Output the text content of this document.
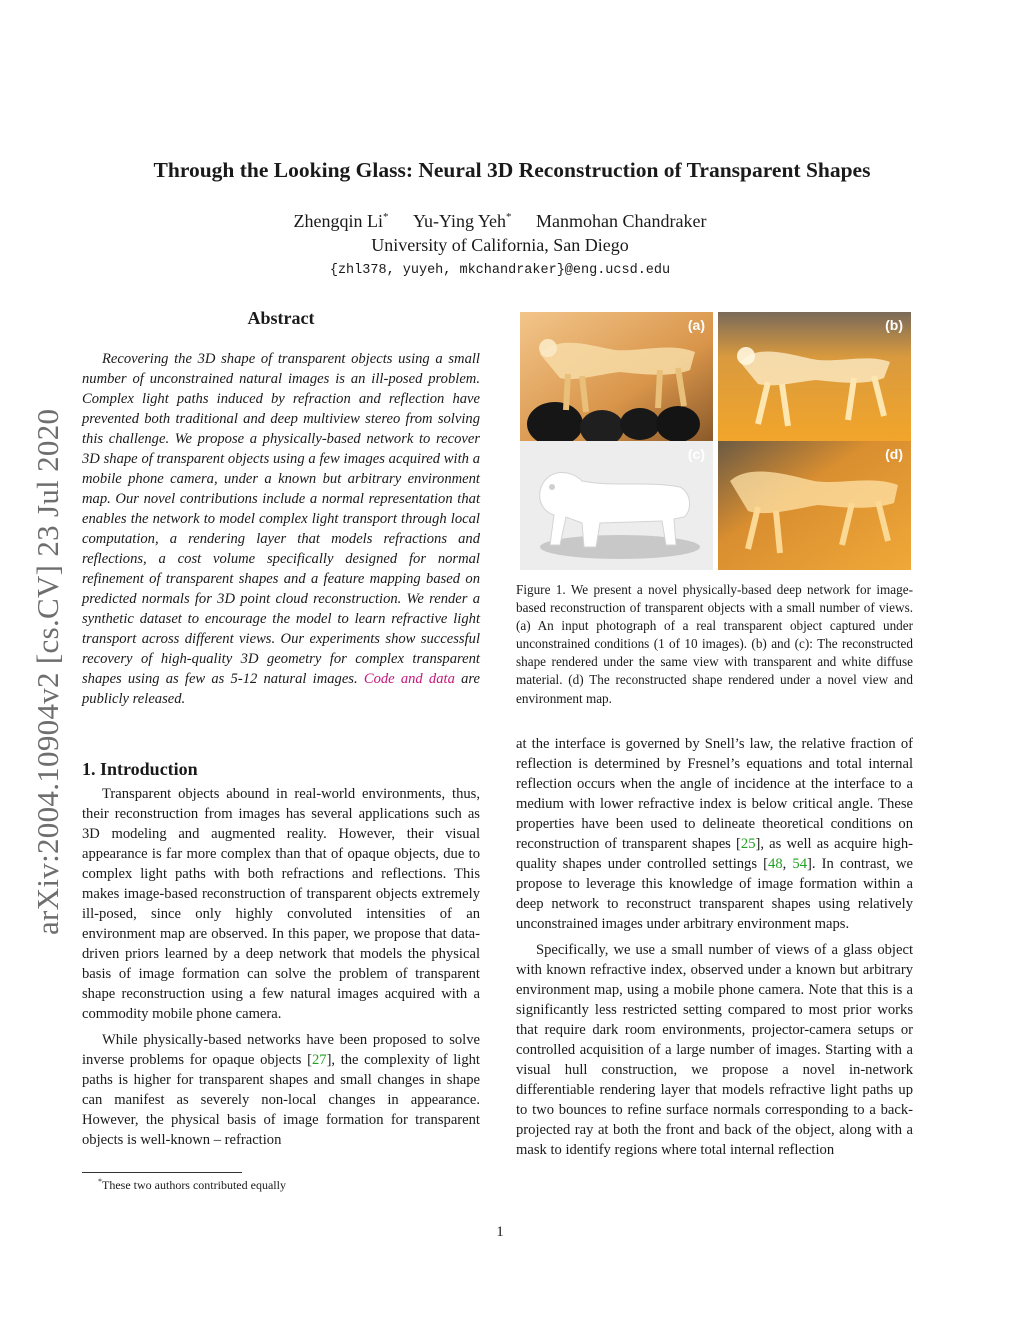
Through the Looking Glass: Neural 3D Reconstruction of Transparent Shapes
Zhengqin Li* Yu-Ying Yeh* Manmohan Chandraker
University of California, San Diego
{zhl378, yuyeh, mkchandraker}@eng.ucsd.edu
arXiv:2004.10904v2 [cs.CV] 23 Jul 2020
Abstract

Recovering the 3D shape of transparent objects using a small number of unconstrained natural images is an ill-posed problem. Complex light paths induced by refraction and reflection have prevented both traditional and deep multiview stereo from solving this challenge. We propose a physically-based network to recover 3D shape of transparent objects using a few images acquired with a mobile phone camera, under a known but arbitrary environment map. Our novel contributions include a normal representation that enables the network to model complex light transport through local computation, a rendering layer that models refractions and reflections, a cost volume specifically designed for normal refinement of transparent shapes and a feature mapping based on predicted normals for 3D point cloud reconstruction. We render a synthetic dataset to encourage the model to learn refractive light transport across different views. Our experiments show successful recovery of high-quality 3D geometry for complex transparent shapes using as few as 5-12 natural images. Code and data are publicly released.

1. Introduction

Transparent objects abound in real-world environments, thus, their reconstruction from images has several applications such as 3D modeling and augmented reality. However, their visual appearance is far more complex than that of opaque objects, due to complex light paths with both refractions and reflections. This makes image-based reconstruction of transparent objects extremely ill-posed, since only highly convoluted intensities of an environment map are observed. In this paper, we propose that data-driven priors learned by a deep network that models the physical basis of image formation can solve the problem of transparent shape reconstruction using a few natural images acquired with a commodity mobile phone camera.

While physically-based networks have been proposed to solve inverse problems for opaque objects [27], the complexity of light paths is higher for transparent shapes and small changes in shape can manifest as severely non-local changes in appearance. However, the physical basis of image formation for transparent objects is well-known – refraction

*These two authors contributed equally
(a)	(b)
(c)	(d)
Figure 1. We present a novel physically-based deep network for image-based reconstruction of transparent objects with a small number of views. (a) An input photograph of a real transparent object captured under unconstrained conditions (1 of 10 images). (b) and (c): The reconstructed shape rendered under the same view with transparent and white diffuse material. (d) The reconstructed shape rendered under a novel view and environment map.

at the interface is governed by Snell’s law, the relative fraction of reflection is determined by Fresnel’s equations and total internal reflection occurs when the angle of incidence at the interface to a medium with lower refractive index is below critical angle. These properties have been used to delineate theoretical conditions on reconstruction of transparent shapes [25], as well as acquire high-quality shapes under controlled settings [48, 54]. In contrast, we propose to leverage this knowledge of image formation within a deep network to reconstruct transparent shapes using relatively unconstrained images under arbitrary environment maps.

Specifically, we use a small number of views of a glass object with known refractive index, observed under a known but arbitrary environment map, using a mobile phone camera. Note that this is a significantly less restricted setting compared to most prior works that require dark room environments, projector-camera setups or controlled acquisition of a large number of images. Starting with a visual hull construction, we propose a novel in-network differentiable rendering layer that models refractive light paths up to two bounces to refine surface normals corresponding to a back-projected ray at both the front and back of the object, along with a mask to identify regions where total internal reflection

1
